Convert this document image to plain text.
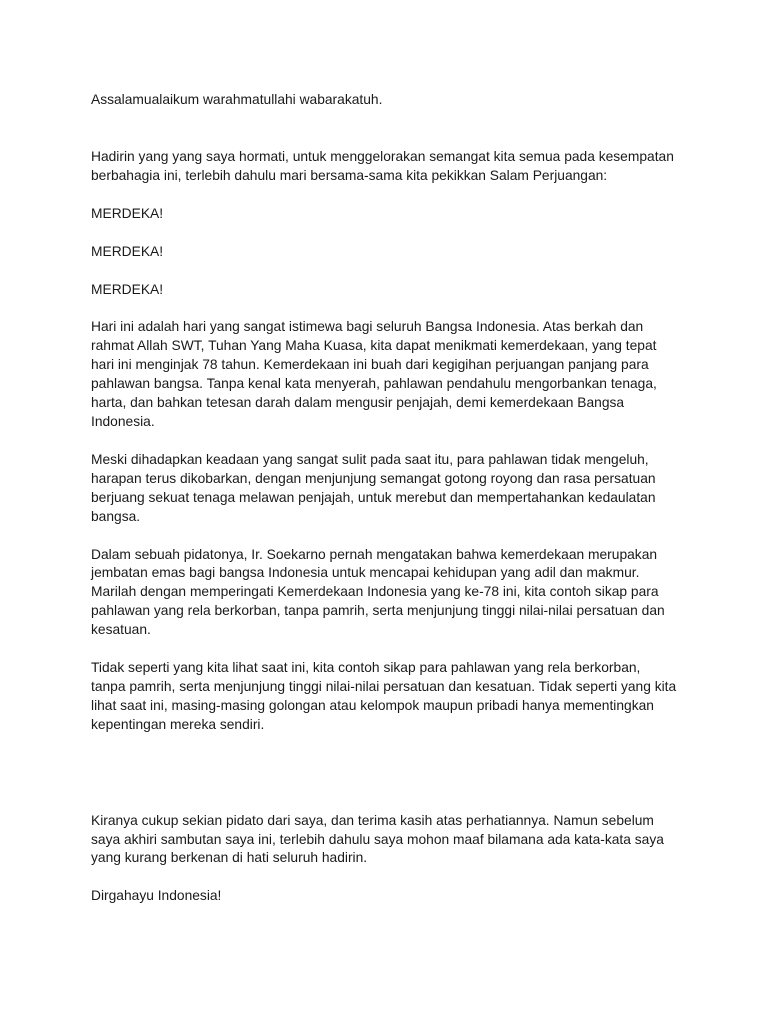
Assalamualaikum warahmatullahi wabarakatuh.

Hadirin yang yang saya hormati, untuk menggelorakan semangat kita semua pada kesempatan
berbahagia ini, terlebih dahulu mari bersama-sama kita pekikkan Salam Perjuangan:

MERDEKA!

MERDEKA!

MERDEKA!

Hari ini adalah hari yang sangat istimewa bagi seluruh Bangsa Indonesia. Atas berkah dan
rahmat Allah SWT, Tuhan Yang Maha Kuasa, kita dapat menikmati kemerdekaan, yang tepat
hari ini menginjak 78 tahun. Kemerdekaan ini buah dari kegigihan perjuangan panjang para
pahlawan bangsa. Tanpa kenal kata menyerah, pahlawan pendahulu mengorbankan tenaga,
harta, dan bahkan tetesan darah dalam mengusir penjajah, demi kemerdekaan Bangsa
Indonesia.

Meski dihadapkan keadaan yang sangat sulit pada saat itu, para pahlawan tidak mengeluh,
harapan terus dikobarkan, dengan menjunjung semangat gotong royong dan rasa persatuan
berjuang sekuat tenaga melawan penjajah, untuk merebut dan mempertahankan kedaulatan
bangsa.

Dalam sebuah pidatonya, Ir. Soekarno pernah mengatakan bahwa kemerdekaan merupakan
jembatan emas bagi bangsa Indonesia untuk mencapai kehidupan yang adil dan makmur.
Marilah dengan memperingati Kemerdekaan Indonesia yang ke-78 ini, kita contoh sikap para
pahlawan yang rela berkorban, tanpa pamrih, serta menjunjung tinggi nilai-nilai persatuan dan
kesatuan.

Tidak seperti yang kita lihat saat ini, kita contoh sikap para pahlawan yang rela berkorban,
tanpa pamrih, serta menjunjung tinggi nilai-nilai persatuan dan kesatuan. Tidak seperti yang kita
lihat saat ini, masing-masing golongan atau kelompok maupun pribadi hanya mementingkan
kepentingan mereka sendiri.

Kiranya cukup sekian pidato dari saya, dan terima kasih atas perhatiannya. Namun sebelum
saya akhiri sambutan saya ini, terlebih dahulu saya mohon maaf bilamana ada kata-kata saya
yang kurang berkenan di hati seluruh hadirin.

Dirgahayu Indonesia!
